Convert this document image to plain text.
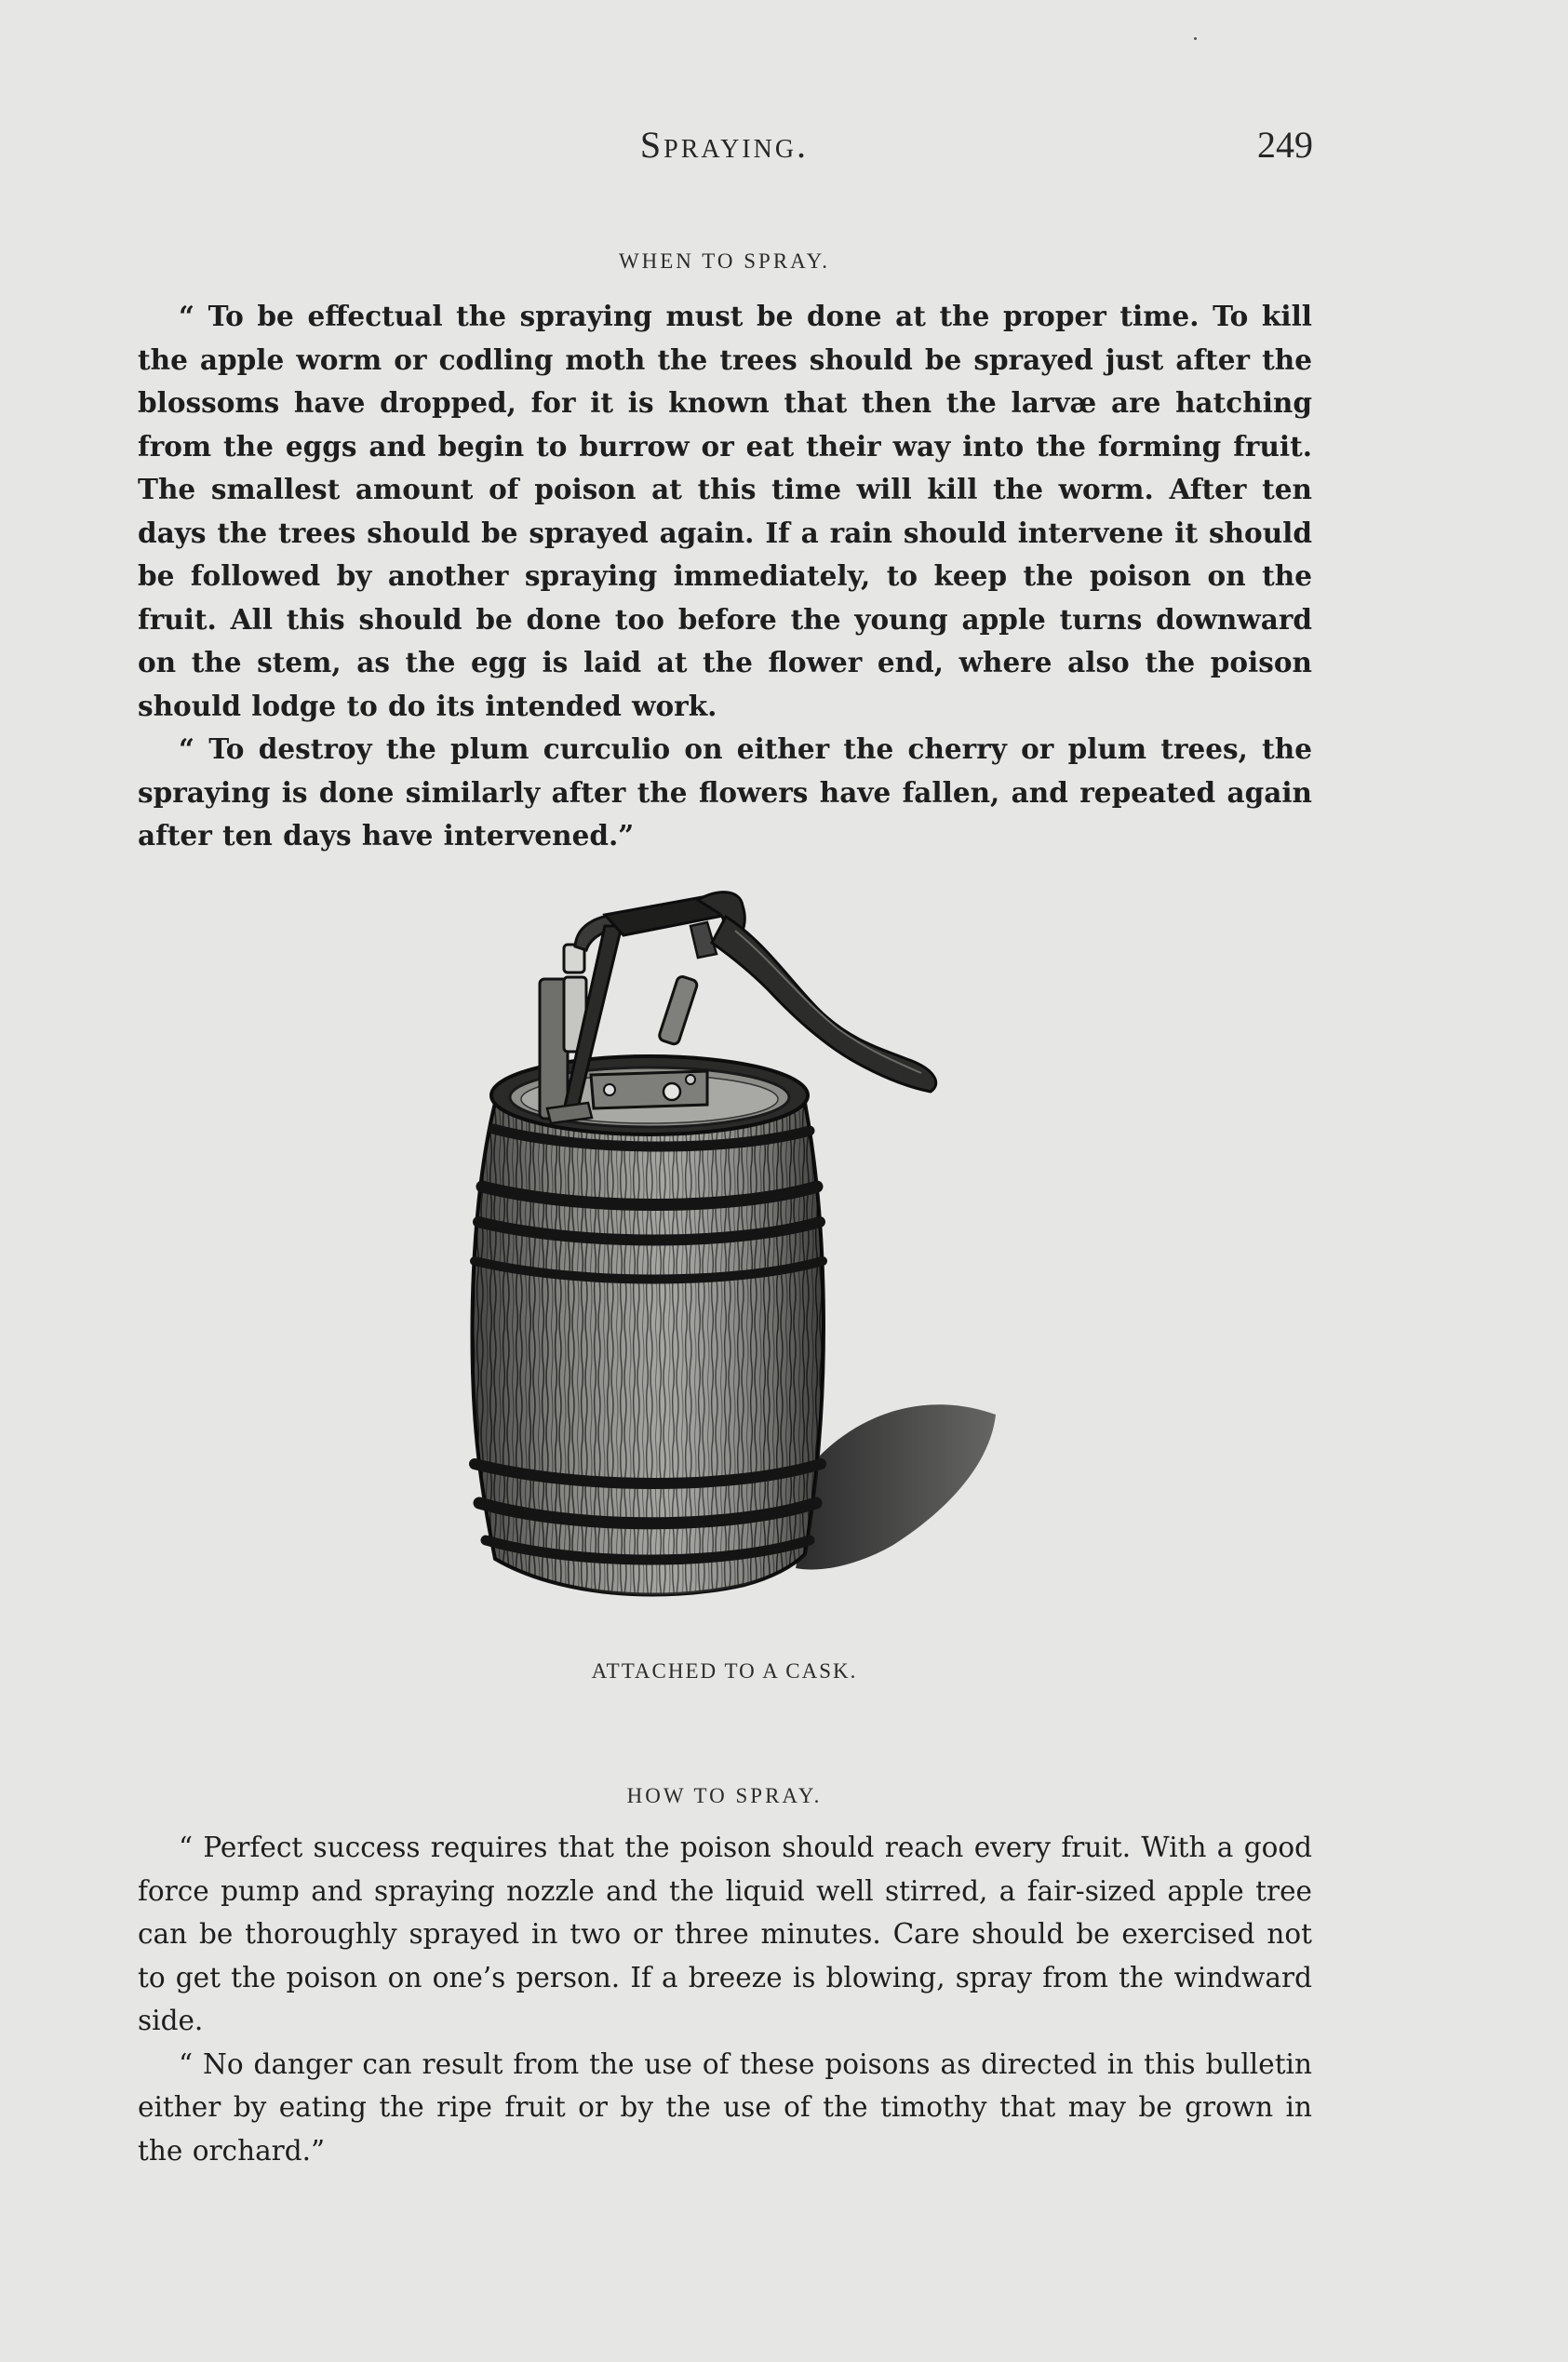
Spraying.	249
WHEN TO SPRAY.

“ To be effectual the spraying must be done at the proper time. To kill the apple worm or codling moth the trees should be sprayed just after the blossoms have dropped, for it is known that then the larvæ are hatching from the eggs and begin to burrow or eat their way into the forming fruit. The smallest amount of poison at this time will kill the worm. After ten days the trees should be sprayed again. If a rain should intervene it should be followed by another spraying immediately, to keep the poison on the fruit. All this should be done too before the young apple turns downward on the stem, as the egg is laid at the flower end, where also the poison should lodge to do its intended work.

“ To destroy the plum curculio on either the cherry or plum trees, the spraying is done similarly after the flowers have fallen, and repeated again after ten days have intervened.”

ATTACHED TO A CASK.
HOW TO SPRAY.

“ Perfect success requires that the poison should reach every fruit. With a good force pump and spraying nozzle and the liquid well stirred, a fair-sized apple tree can be thoroughly sprayed in two or three minutes. Care should be exercised not to get the poison on one’s person. If a breeze is blowing, spray from the windward side.

“ No danger can result from the use of these poisons as directed in this bulletin either by eating the ripe fruit or by the use of the timothy that may be grown in the orchard.”
